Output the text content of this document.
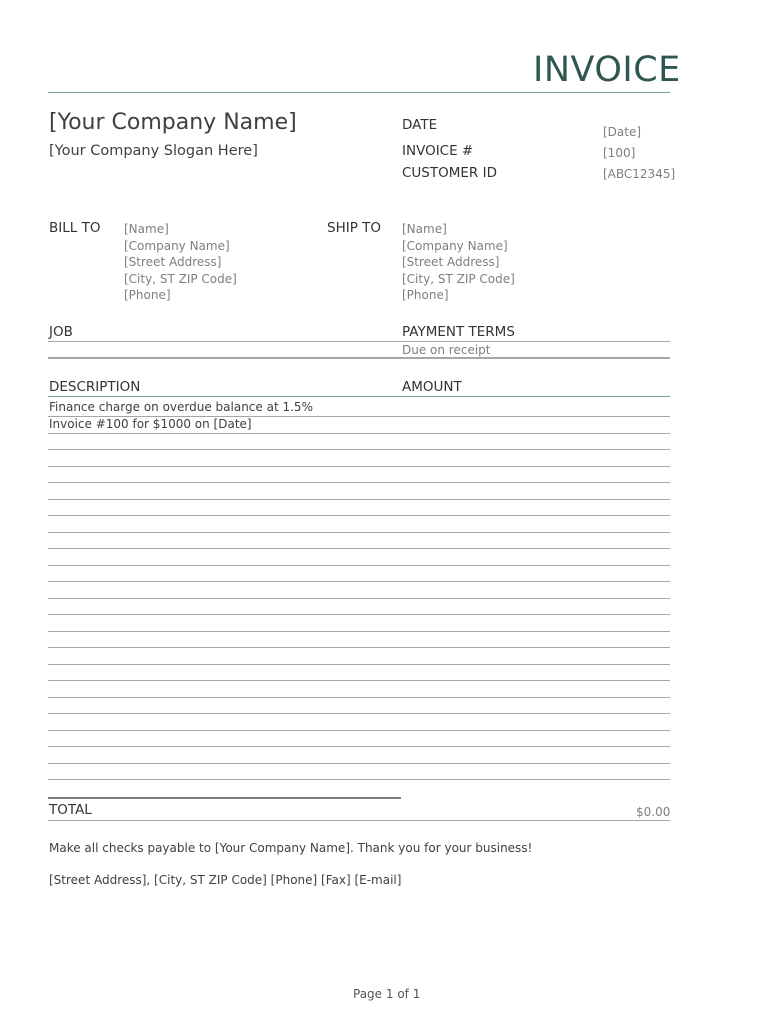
INVOICE
[Your Company Name]
[Your Company Slogan Here]
DATE	[Date]
INVOICE #	[100]
CUSTOMER ID	[ABC12345]
BILL TO [Name]
[Company Name]
[Street Address]
[City, ST ZIP Code]
[Phone]
SHIP TO [Name]
[Company Name]
[Street Address]
[City, ST ZIP Code]
[Phone]
JOB	PAYMENT TERMS
Due on receipt
DESCRIPTION	AMOUNT
Finance charge on overdue balance at 1.5%
Invoice #100 for $1000 on [Date]
TOTAL	$0.00
Make all checks payable to [Your Company Name]. Thank you for your business!
[Street Address], [City, ST ZIP Code] [Phone] [Fax] [E-mail]
Page 1 of 1
